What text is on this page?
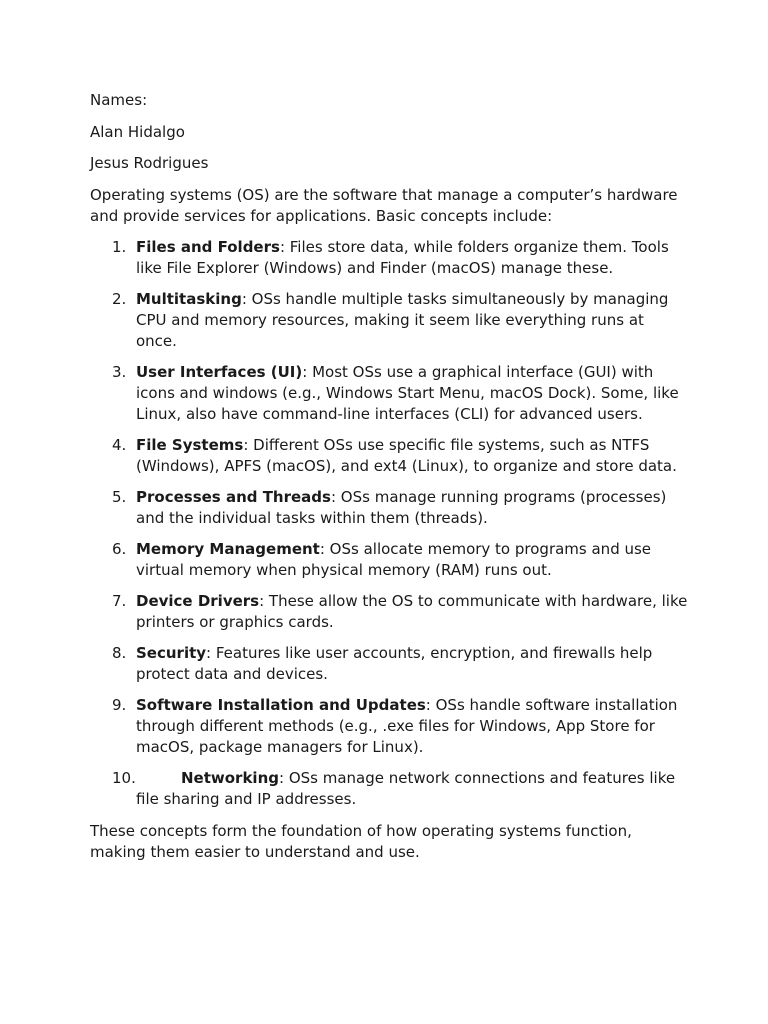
Names:

Alan Hidalgo

Jesus Rodrigues

Operating systems (OS) are the software that manage a computer’s hardware and provide services for applications. Basic concepts include:

1. Files and Folders: Files store data, while folders organize them. Tools like File Explorer (Windows) and Finder (macOS) manage these.
2. Multitasking: OSs handle multiple tasks simultaneously by managing CPU and memory resources, making it seem like everything runs at once.
3. User Interfaces (UI): Most OSs use a graphical interface (GUI) with icons and windows (e.g., Windows Start Menu, macOS Dock). Some, like Linux, also have command-line interfaces (CLI) for advanced users.
4. File Systems: Different OSs use specific file systems, such as NTFS (Windows), APFS (macOS), and ext4 (Linux), to organize and store data.
5. Processes and Threads: OSs manage running programs (processes) and the individual tasks within them (threads).
6. Memory Management: OSs allocate memory to programs and use virtual memory when physical memory (RAM) runs out.
7. Device Drivers: These allow the OS to communicate with hardware, like printers or graphics cards.
8. Security: Features like user accounts, encryption, and firewalls help protect data and devices.
9. Software Installation and Updates: OSs handle software installation through different methods (e.g., .exe files for Windows, App Store for macOS, package managers for Linux).
10.	Networking: OSs manage network connections and features like file sharing and IP addresses.

These concepts form the foundation of how operating systems function, making them easier to understand and use.
